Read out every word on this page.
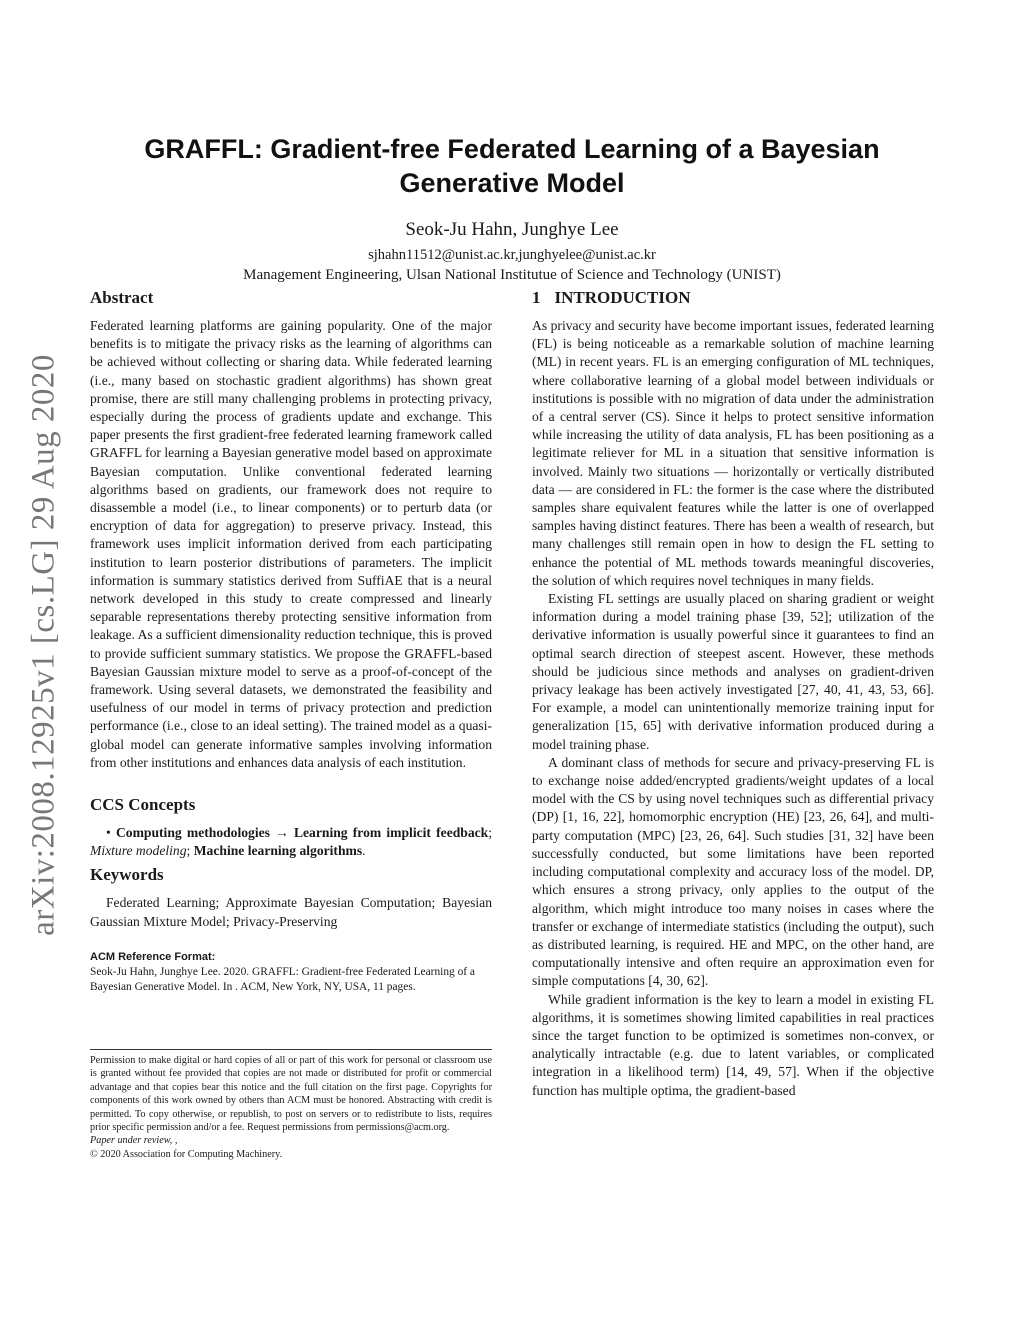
arXiv:2008.12925v1 [cs.LG] 29 Aug 2020
GRAFFL: Gradient-free Federated Learning of a Bayesian
Generative Model
Seok-Ju Hahn, Junghye Lee
sjhahn11512@unist.ac.kr,junghyelee@unist.ac.kr
Management Engineering, Ulsan National Institutue of Science and Technology (UNIST)
Abstract

Federated learning platforms are gaining popularity. One of the major benefits is to mitigate the privacy risks as the learning of algorithms can be achieved without collecting or sharing data. While federated learning (i.e., many based on stochastic gradient algorithms) has shown great promise, there are still many challenging problems in protecting privacy, especially during the process of gradients update and exchange. This paper presents the first gradient-free federated learning framework called GRAFFL for learning a Bayesian generative model based on approximate Bayesian computation. Unlike conventional federated learning algorithms based on gradients, our framework does not require to disassemble a model (i.e., to linear components) or to perturb data (or encryption of data for aggregation) to preserve privacy. Instead, this framework uses implicit information derived from each participating institution to learn posterior distributions of parameters. The implicit information is summary statistics derived from SuffiAE that is a neural network developed in this study to create compressed and linearly separable representations thereby protecting sensitive information from leakage. As a sufficient dimensionality reduction technique, this is proved to provide sufficient summary statistics. We propose the GRAFFL-based Bayesian Gaussian mixture model to serve as a proof-of-concept of the framework. Using several datasets, we demonstrated the feasibility and usefulness of our model in terms of privacy protection and prediction performance (i.e., close to an ideal setting). The trained model as a quasi-global model can generate informative samples involving information from other institutions and enhances data analysis of each institution.

CCS Concepts

• Computing methodologies → Learning from implicit feedback; Mixture modeling; Machine learning algorithms.

Keywords

Federated Learning; Approximate Bayesian Computation; Bayesian Gaussian Mixture Model; Privacy-Preserving

ACM Reference Format:

Seok-Ju Hahn, Junghye Lee. 2020. GRAFFL: Gradient-free Federated Learning of a Bayesian Generative Model. In . ACM, New York, NY, USA, 11 pages.

Permission to make digital or hard copies of all or part of this work for personal or classroom use is granted without fee provided that copies are not made or distributed for profit or commercial advantage and that copies bear this notice and the full citation on the first page. Copyrights for components of this work owned by others than ACM must be honored. Abstracting with credit is permitted. To copy otherwise, or republish, to post on servers or to redistribute to lists, requires prior specific permission and/or a fee. Request permissions from permissions@acm.org.

Paper under review, ,

© 2020 Association for Computing Machinery.

1 INTRODUCTION

As privacy and security have become important issues, federated learning (FL) is being noticeable as a remarkable solution of machine learning (ML) in recent years. FL is an emerging configuration of ML techniques, where collaborative learning of a global model between individuals or institutions is possible with no migration of data under the administration of a central server (CS). Since it helps to protect sensitive information while increasing the utility of data analysis, FL has been positioning as a legitimate reliever for ML in a situation that sensitive information is involved. Mainly two situations — horizontally or vertically distributed data — are considered in FL: the former is the case where the distributed samples share equivalent features while the latter is one of overlapped samples having distinct features. There has been a wealth of research, but many challenges still remain open in how to design the FL setting to enhance the potential of ML methods towards meaningful discoveries, the solution of which requires novel techniques in many fields.

Existing FL settings are usually placed on sharing gradient or weight information during a model training phase [39, 52]; utilization of the derivative information is usually powerful since it guarantees to find an optimal search direction of steepest ascent. However, these methods should be judicious since methods and analyses on gradient-driven privacy leakage has been actively investigated [27, 40, 41, 43, 53, 66]. For example, a model can unintentionally memorize training input for generalization [15, 65] with derivative information produced during a model training phase.

A dominant class of methods for secure and privacy-preserving FL is to exchange noise added/encrypted gradients/weight updates of a local model with the CS by using novel techniques such as differential privacy (DP) [1, 16, 22], homomorphic encryption (HE) [23, 26, 64], and multi-party computation (MPC) [23, 26, 64]. Such studies [31, 32] have been successfully conducted, but some limitations have been reported including computational complexity and accuracy loss of the model. DP, which ensures a strong privacy, only applies to the output of the algorithm, which might introduce too many noises in cases where the transfer or exchange of intermediate statistics (including the output), such as distributed learning, is required. HE and MPC, on the other hand, are computationally intensive and often require an approximation even for simple computations [4, 30, 62].

While gradient information is the key to learn a model in existing FL algorithms, it is sometimes showing limited capabilities in real practices since the target function to be optimized is sometimes non-convex, or analytically intractable (e.g. due to latent variables, or complicated integration in a likelihood term) [14, 49, 57]. When if the objective function has multiple optima, the gradient-based
